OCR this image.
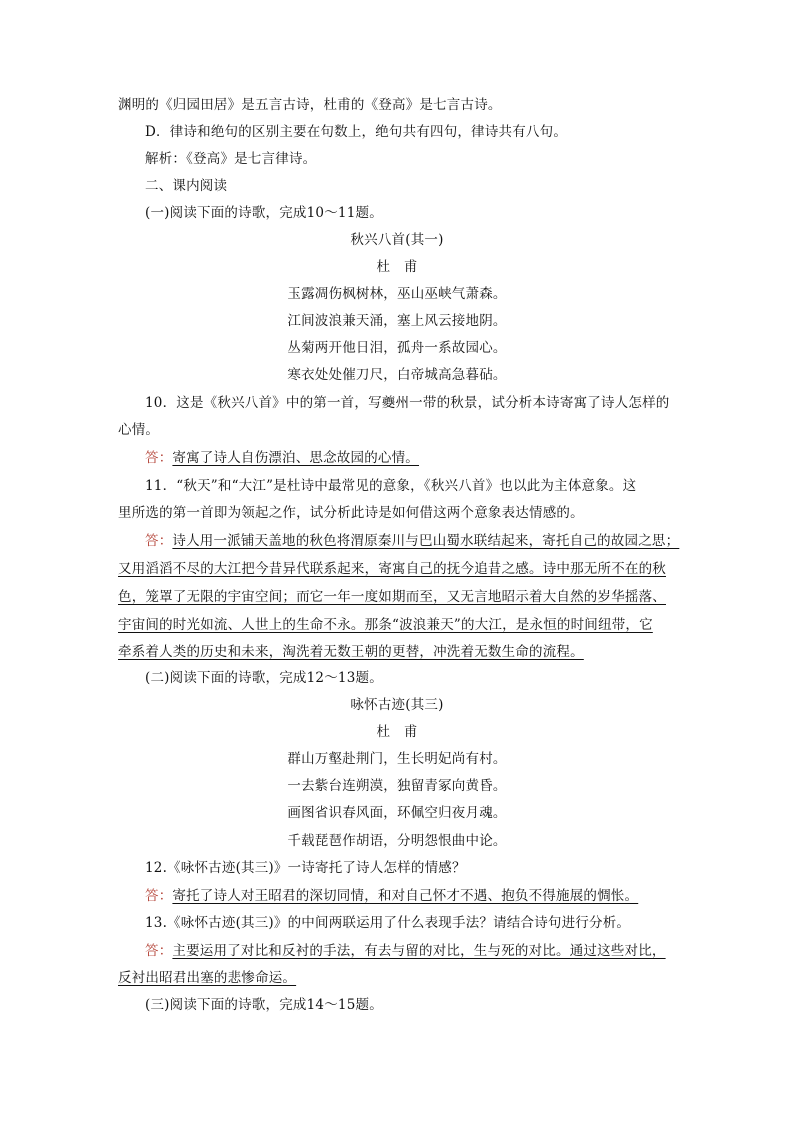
渊明的《归园田居》是五言古诗，杜甫的《登高》是七言古诗。
D．律诗和绝句的区别主要在句数上，绝句共有四句，律诗共有八句。
解析：《登高》是七言律诗。
二、课内阅读
(一)阅读下面的诗歌，完成10～11题。
秋兴八首(其一)
杜　甫
玉露凋伤枫树林，巫山巫峡气萧森。
江间波浪兼天涌，塞上风云接地阴。
丛菊两开他日泪，孤舟一系故园心。
寒衣处处催刀尺，白帝城高急暮砧。
10．这是《秋兴八首》中的第一首，写夔州一带的秋景，试分析本诗寄寓了诗人怎样的
心情。
答：寄寓了诗人自伤漂泊、思念故园的心情。
11．“秋天”和“大江”是杜诗中最常见的意象，《秋兴八首》也以此为主体意象。这
里所选的第一首即为领起之作，试分析此诗是如何借这两个意象表达情感的。
答：诗人用一派铺天盖地的秋色将渭原秦川与巴山蜀水联结起来，寄托自己的故园之思；
又用滔滔不尽的大江把今昔异代联系起来，寄寓自己的抚今追昔之感。诗中那无所不在的秋
色，笼罩了无限的宇宙空间；而它一年一度如期而至，又无言地昭示着大自然的岁华摇落、
宇宙间的时光如流、人世上的生命不永。那条“波浪兼天”的大江，是永恒的时间纽带，它
牵系着人类的历史和未来，淘洗着无数王朝的更替，冲洗着无数生命的流程。
(二)阅读下面的诗歌，完成12～13题。
咏怀古迹(其三)
杜　甫
群山万壑赴荆门，生长明妃尚有村。
一去紫台连朔漠，独留青冢向黄昏。
画图省识春风面，环佩空归夜月魂。
千载琵琶作胡语，分明怨恨曲中论。
12.《咏怀古迹(其三)》一诗寄托了诗人怎样的情感？
答：寄托了诗人对王昭君的深切同情，和对自己怀才不遇、抱负不得施展的惆怅。
13.《咏怀古迹(其三)》的中间两联运用了什么表现手法？请结合诗句进行分析。
答：主要运用了对比和反衬的手法，有去与留的对比，生与死的对比。通过这些对比，
反衬出昭君出塞的悲惨命运。
(三)阅读下面的诗歌，完成14～15题。
